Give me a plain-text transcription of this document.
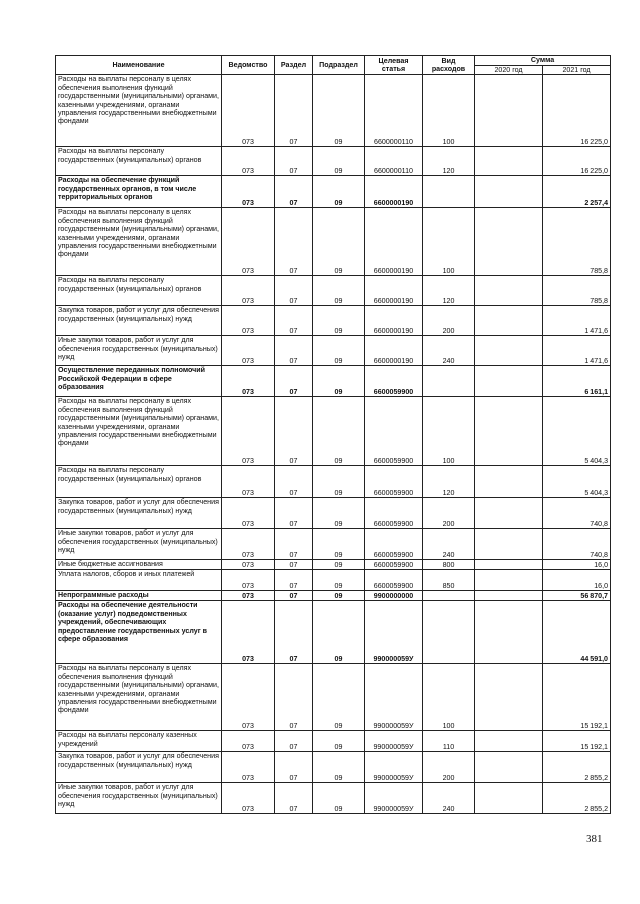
Наименование	Ведомство	Раздел	Подраздел	Целевая статья	Вид расходов	Сумма	
						2020 год	2021 год
Расходы на выплаты персоналу в целях обеспечения выполнения функций государственными (муниципальными) органами, казенными учреждениями, органами управления государственными внебюджетными фондами	073	07	09	6600000110	100		16 225,0
Расходы на выплаты персоналу государственных (муниципальных) органов	073	07	09	6600000110	120		16 225,0
Расходы на обеспечение функций государственных органов, в том числе территориальных органов	073	07	09	6600000190			2 257,4
Расходы на выплаты персоналу в целях обеспечения выполнения функций государственными (муниципальными) органами, казенными учреждениями, органами управления государственными внебюджетными фондами	073	07	09	6600000190	100		785,8
Расходы на выплаты персоналу государственных (муниципальных) органов	073	07	09	6600000190	120		785,8
Закупка товаров, работ и услуг для обеспечения государственных (муниципальных) нужд	073	07	09	6600000190	200		1 471,6
Иные закупки товаров, работ и услуг для обеспечения государственных (муниципальных) нужд	073	07	09	6600000190	240		1 471,6
Осуществление переданных полномочий Российской Федерации в сфере образования	073	07	09	6600059900			6 161,1
Расходы на выплаты персоналу в целях обеспечения выполнения функций государственными (муниципальными) органами, казенными учреждениями, органами управления государственными внебюджетными фондами	073	07	09	6600059900	100		5 404,3
Расходы на выплаты персоналу государственных (муниципальных) органов	073	07	09	6600059900	120		5 404,3
Закупка товаров, работ и услуг для обеспечения государственных (муниципальных) нужд	073	07	09	6600059900	200		740,8
Иные закупки товаров, работ и услуг для обеспечения государственных (муниципальных) нужд	073	07	09	6600059900	240		740,8
Иные бюджетные ассигнования	073	07	09	6600059900	800		16,0
Уплата налогов, сборов и иных платежей	073	07	09	6600059900	850		16,0
Непрограммные расходы	073	07	09	9900000000			56 870,7
Расходы на обеспечение деятельности (оказание услуг) подведомственных учреждений, обеспечивающих предоставление государственных услуг в сфере образования	073	07	09	990000059У			44 591,0
Расходы на выплаты персоналу в целях обеспечения выполнения функций государственными (муниципальными) органами, казенными учреждениями, органами управления государственными внебюджетными фондами	073	07	09	990000059У	100		15 192,1
Расходы на выплаты персоналу казенных учреждений	073	07	09	990000059У	110		15 192,1
Закупка товаров, работ и услуг для обеспечения государственных (муниципальных) нужд	073	07	09	990000059У	200		2 855,2
Иные закупки товаров, работ и услуг для обеспечения государственных (муниципальных) нужд	073	07	09	990000059У	240		2 855,2
381
